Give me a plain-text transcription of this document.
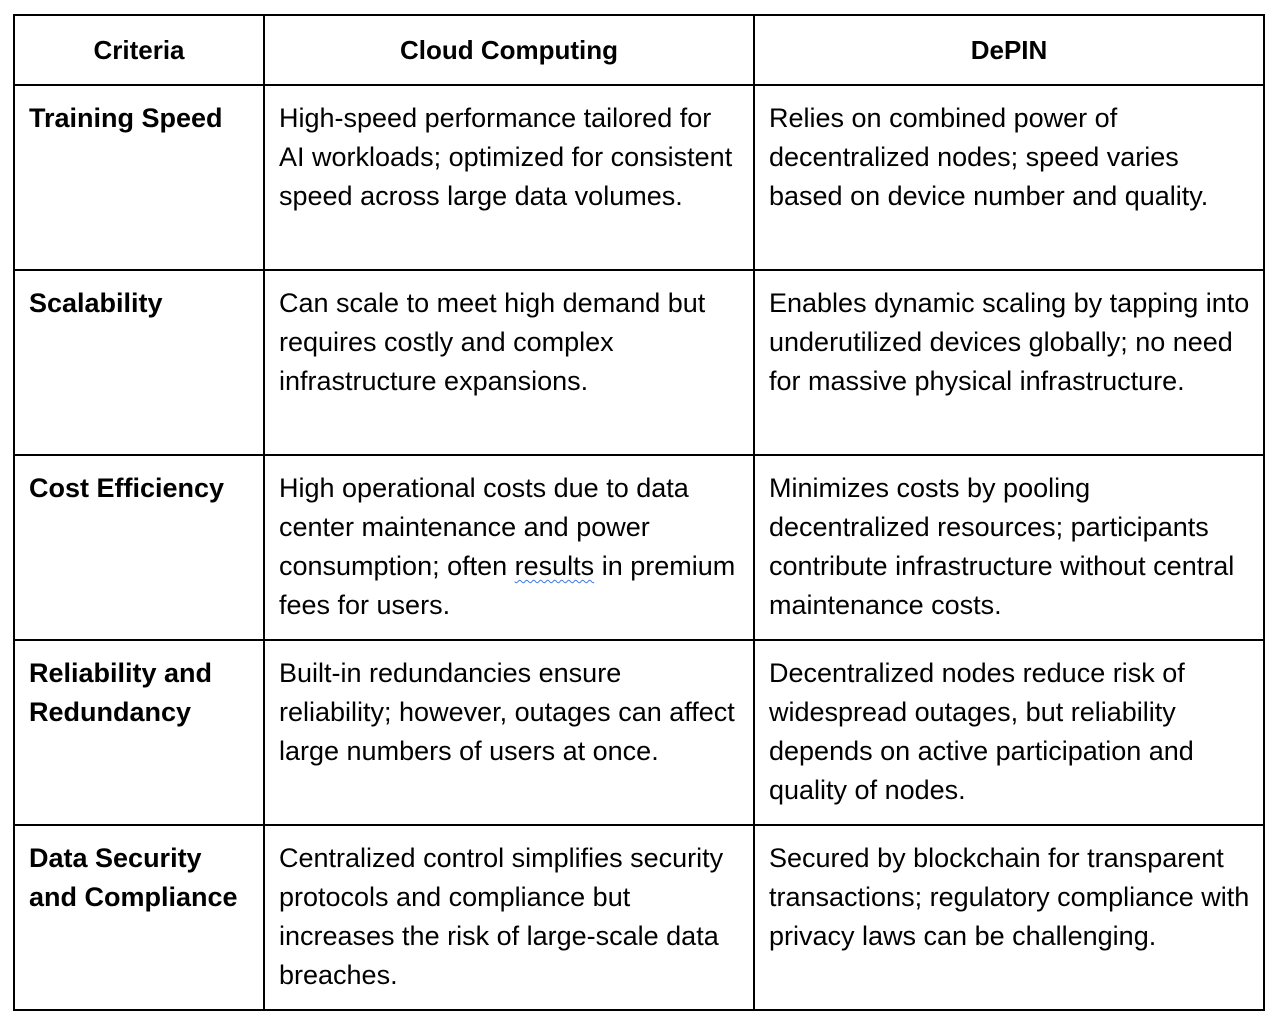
Criteria	Cloud Computing	DePIN
Training Speed	High-speed performance tailored for AI workloads; optimized for consistent speed across large data volumes.	Relies on combined power of decentralized nodes; speed varies based on device number and quality.
Scalability	Can scale to meet high demand but requires costly and complex infrastructure expansions.	Enables dynamic scaling by tapping into underutilized devices globally; no need for massive physical infrastructure.
Cost Efficiency	High operational costs due to data center maintenance and power consumption; often results in premium fees for users.	Minimizes costs by pooling decentralized resources; participants contribute infrastructure without central maintenance costs.
Reliability and Redundancy	Built-in redundancies ensure reliability; however, outages can affect large numbers of users at once.	Decentralized nodes reduce risk of widespread outages, but reliability depends on active participation and quality of nodes.
Data Security and Compliance	Centralized control simplifies security protocols and compliance but increases the risk of large-scale data breaches.	Secured by blockchain for transparent transactions; regulatory compliance with privacy laws can be challenging.
